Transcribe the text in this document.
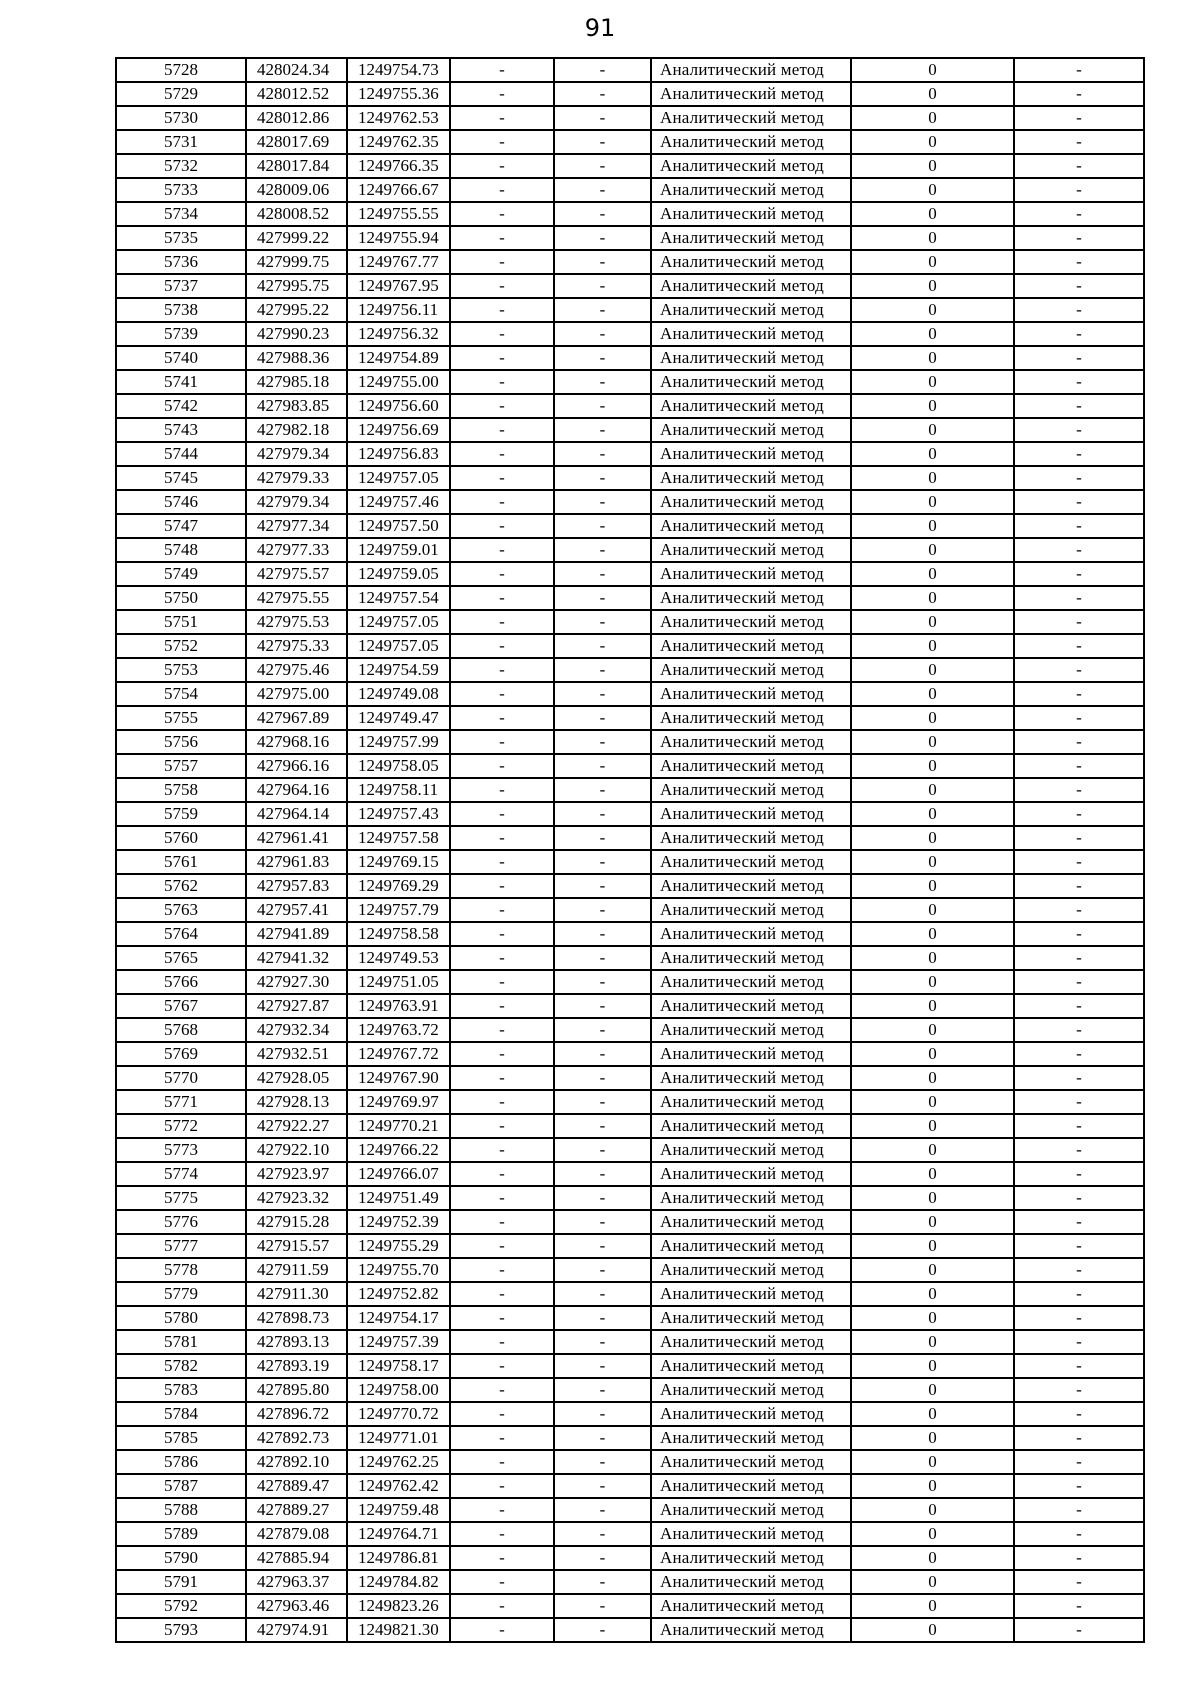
91
5728	428024.34	1249754.73	-	-	Аналитический метод	0	-
5729	428012.52	1249755.36	-	-	Аналитический метод	0	-
5730	428012.86	1249762.53	-	-	Аналитический метод	0	-
5731	428017.69	1249762.35	-	-	Аналитический метод	0	-
5732	428017.84	1249766.35	-	-	Аналитический метод	0	-
5733	428009.06	1249766.67	-	-	Аналитический метод	0	-
5734	428008.52	1249755.55	-	-	Аналитический метод	0	-
5735	427999.22	1249755.94	-	-	Аналитический метод	0	-
5736	427999.75	1249767.77	-	-	Аналитический метод	0	-
5737	427995.75	1249767.95	-	-	Аналитический метод	0	-
5738	427995.22	1249756.11	-	-	Аналитический метод	0	-
5739	427990.23	1249756.32	-	-	Аналитический метод	0	-
5740	427988.36	1249754.89	-	-	Аналитический метод	0	-
5741	427985.18	1249755.00	-	-	Аналитический метод	0	-
5742	427983.85	1249756.60	-	-	Аналитический метод	0	-
5743	427982.18	1249756.69	-	-	Аналитический метод	0	-
5744	427979.34	1249756.83	-	-	Аналитический метод	0	-
5745	427979.33	1249757.05	-	-	Аналитический метод	0	-
5746	427979.34	1249757.46	-	-	Аналитический метод	0	-
5747	427977.34	1249757.50	-	-	Аналитический метод	0	-
5748	427977.33	1249759.01	-	-	Аналитический метод	0	-
5749	427975.57	1249759.05	-	-	Аналитический метод	0	-
5750	427975.55	1249757.54	-	-	Аналитический метод	0	-
5751	427975.53	1249757.05	-	-	Аналитический метод	0	-
5752	427975.33	1249757.05	-	-	Аналитический метод	0	-
5753	427975.46	1249754.59	-	-	Аналитический метод	0	-
5754	427975.00	1249749.08	-	-	Аналитический метод	0	-
5755	427967.89	1249749.47	-	-	Аналитический метод	0	-
5756	427968.16	1249757.99	-	-	Аналитический метод	0	-
5757	427966.16	1249758.05	-	-	Аналитический метод	0	-
5758	427964.16	1249758.11	-	-	Аналитический метод	0	-
5759	427964.14	1249757.43	-	-	Аналитический метод	0	-
5760	427961.41	1249757.58	-	-	Аналитический метод	0	-
5761	427961.83	1249769.15	-	-	Аналитический метод	0	-
5762	427957.83	1249769.29	-	-	Аналитический метод	0	-
5763	427957.41	1249757.79	-	-	Аналитический метод	0	-
5764	427941.89	1249758.58	-	-	Аналитический метод	0	-
5765	427941.32	1249749.53	-	-	Аналитический метод	0	-
5766	427927.30	1249751.05	-	-	Аналитический метод	0	-
5767	427927.87	1249763.91	-	-	Аналитический метод	0	-
5768	427932.34	1249763.72	-	-	Аналитический метод	0	-
5769	427932.51	1249767.72	-	-	Аналитический метод	0	-
5770	427928.05	1249767.90	-	-	Аналитический метод	0	-
5771	427928.13	1249769.97	-	-	Аналитический метод	0	-
5772	427922.27	1249770.21	-	-	Аналитический метод	0	-
5773	427922.10	1249766.22	-	-	Аналитический метод	0	-
5774	427923.97	1249766.07	-	-	Аналитический метод	0	-
5775	427923.32	1249751.49	-	-	Аналитический метод	0	-
5776	427915.28	1249752.39	-	-	Аналитический метод	0	-
5777	427915.57	1249755.29	-	-	Аналитический метод	0	-
5778	427911.59	1249755.70	-	-	Аналитический метод	0	-
5779	427911.30	1249752.82	-	-	Аналитический метод	0	-
5780	427898.73	1249754.17	-	-	Аналитический метод	0	-
5781	427893.13	1249757.39	-	-	Аналитический метод	0	-
5782	427893.19	1249758.17	-	-	Аналитический метод	0	-
5783	427895.80	1249758.00	-	-	Аналитический метод	0	-
5784	427896.72	1249770.72	-	-	Аналитический метод	0	-
5785	427892.73	1249771.01	-	-	Аналитический метод	0	-
5786	427892.10	1249762.25	-	-	Аналитический метод	0	-
5787	427889.47	1249762.42	-	-	Аналитический метод	0	-
5788	427889.27	1249759.48	-	-	Аналитический метод	0	-
5789	427879.08	1249764.71	-	-	Аналитический метод	0	-
5790	427885.94	1249786.81	-	-	Аналитический метод	0	-
5791	427963.37	1249784.82	-	-	Аналитический метод	0	-
5792	427963.46	1249823.26	-	-	Аналитический метод	0	-
5793	427974.91	1249821.30	-	-	Аналитический метод	0	-
